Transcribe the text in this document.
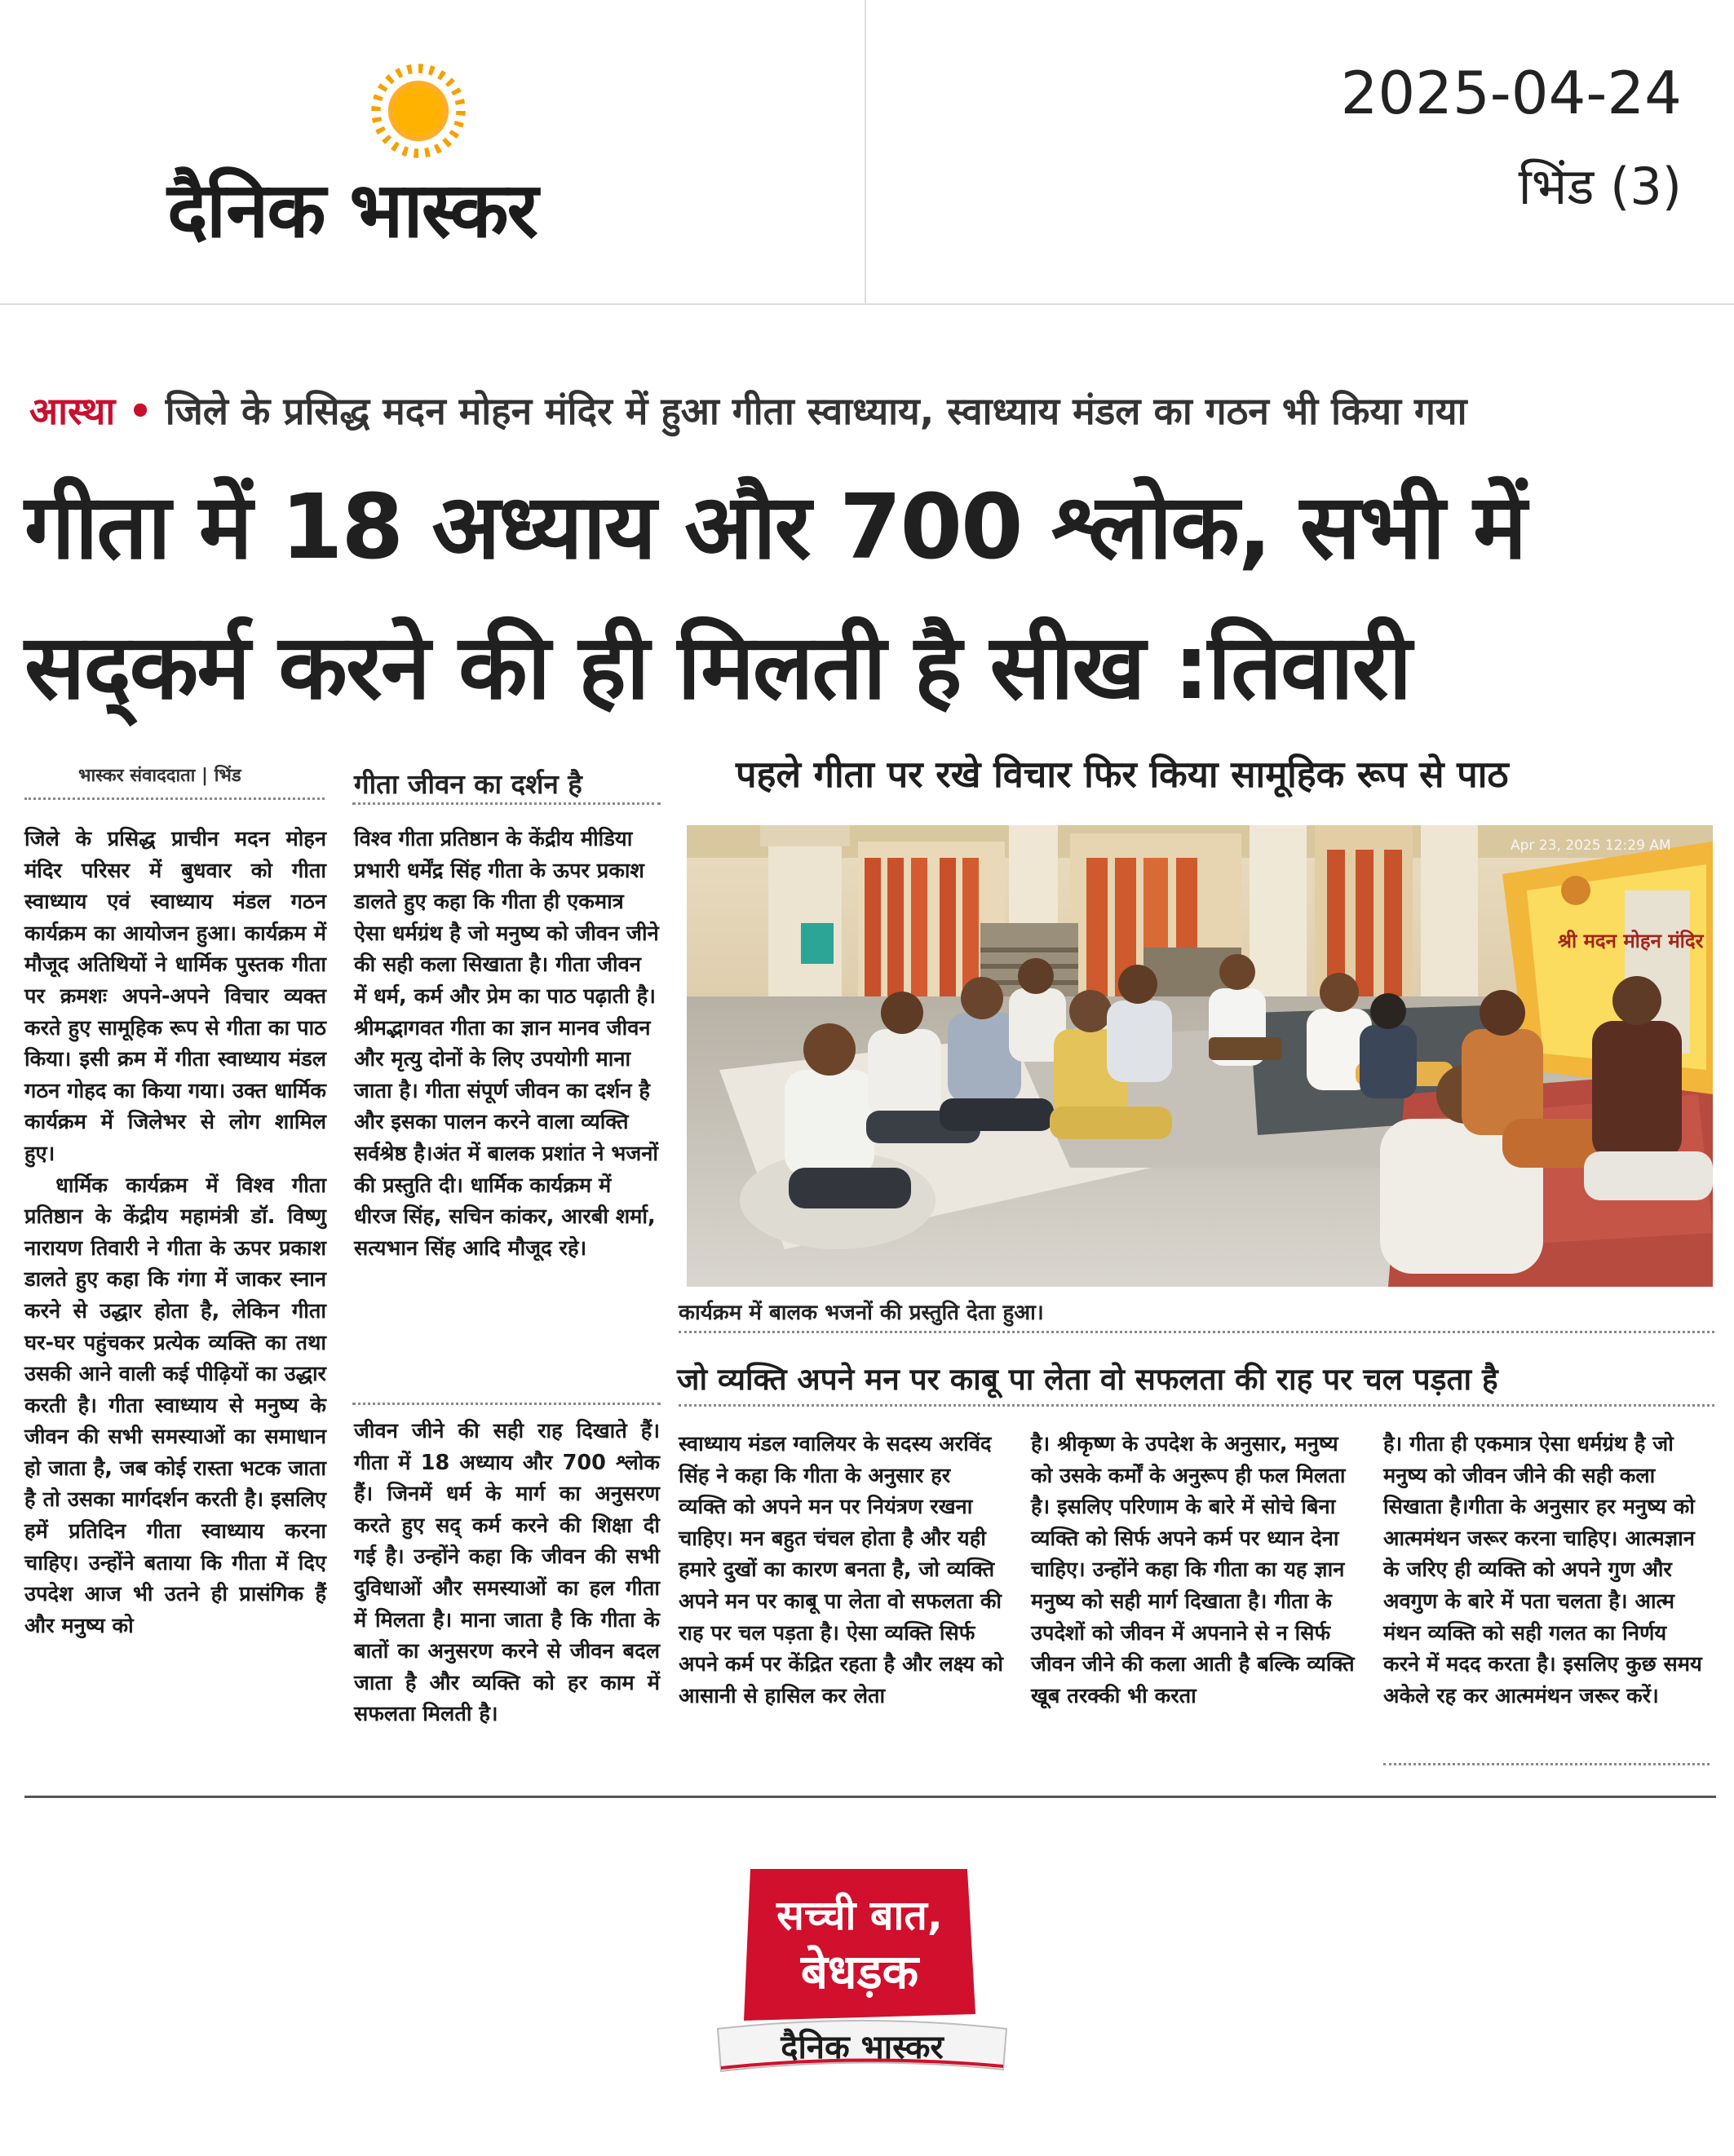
दैनिक भास्कर
2025-04-24
भिंड (3)
आस्था • जिले के प्रसिद्ध मदन मोहन मंदिर में हुआ गीता स्वाध्याय, स्वाध्याय मंडल का गठन भी किया गया
गीता में 18 अध्याय और 700 श्लोक, सभी में
सद्कर्म करने की ही मिलती है सीख :तिवारी
भास्कर संवाददाता | भिंड

जिले के प्रसिद्ध प्राचीन मदन मोहन मंदिर परिसर में बुधवार को गीता स्वाध्याय एवं स्वाध्याय मंडल गठन कार्यक्रम का आयोजन हुआ। कार्यक्रम में मौजूद अतिथियों ने धार्मिक पुस्तक गीता पर क्रमशः अपने-अपने विचार व्यक्त करते हुए सामूहिक रूप से गीता का पाठ किया। इसी क्रम में गीता स्वाध्याय मंडल गठन गोहद का किया गया। उक्त धार्मिक कार्यक्रम में जिलेभर से लोग शामिल हुए।

धार्मिक कार्यक्रम में विश्व गीता प्रतिष्ठान के केंद्रीय महामंत्री डॉ. विष्णु नारायण तिवारी ने गीता के ऊपर प्रकाश डालते हुए कहा कि गंगा में जाकर स्नान करने से उद्धार होता है, लेकिन गीता घर-घर पहुंचकर प्रत्येक व्यक्ति का तथा उसकी आने वाली कई पीढ़ियों का उद्धार करती है। गीता स्वाध्याय से मनुष्य के जीवन की सभी समस्याओं का समाधान हो जाता है, जब कोई रास्ता भटक जाता है तो उसका मार्गदर्शन करती है। इसलिए हमें प्रतिदिन गीता स्वाध्याय करना चाहिए। उन्होंने बताया कि गीता में दिए उपदेश आज भी उतने ही प्रासंगिक हैं और मनुष्य को

गीता जीवन का दर्शन है

विश्व गीता प्रतिष्ठान के केंद्रीय मीडिया प्रभारी धर्मेंद्र सिंह गीता के ऊपर प्रकाश डालते हुए कहा कि गीता ही एकमात्र ऐसा धर्मग्रंथ है जो मनुष्य को जीवन जीने की सही कला सिखाता है। गीता जीवन में धर्म, कर्म और प्रेम का पाठ पढ़ाती है। श्रीमद्भागवत गीता का ज्ञान मानव जीवन और मृत्यु दोनों के लिए उपयोगी माना जाता है। गीता संपूर्ण जीवन का दर्शन है और इसका पालन करने वाला व्यक्ति सर्वश्रेष्ठ है।अंत में बालक प्रशांत ने भजनों की प्रस्तुति दी। धार्मिक कार्यक्रम में धीरज सिंह, सचिन कांकर, आरबी शर्मा, सत्यभान सिंह आदि मौजूद रहे।

जीवन जीने की सही राह दिखाते हैं। गीता में 18 अध्याय और 700 श्लोक हैं। जिनमें धर्म के मार्ग का अनुसरण करते हुए सद् कर्म करने की शिक्षा दी गई है। उन्होंने कहा कि जीवन की सभी दुविधाओं और समस्याओं का हल गीता में मिलता है। माना जाता है कि गीता के बातों का अनुसरण करने से जीवन बदल जाता है और व्यक्ति को हर काम में सफलता मिलती है।

पहले गीता पर रखे विचार फिर किया सामूहिक रूप से पाठ
श्री मदन मोहन मंदिर
Apr 23, 2025 12:29 AM
कार्यक्रम में बालक भजनों की प्रस्तुति देता हुआ।
जो व्यक्ति अपने मन पर काबू पा लेता वो सफलता की राह पर चल पड़ता है

स्वाध्याय मंडल ग्वालियर के सदस्य अरविंद सिंह ने कहा कि गीता के अनुसार हर व्यक्ति को अपने मन पर नियंत्रण रखना चाहिए। मन बहुत चंचल होता है और यही हमारे दुखों का कारण बनता है, जो व्यक्ति अपने मन पर काबू पा लेता वो सफलता की राह पर चल पड़ता है। ऐसा व्यक्ति सिर्फ अपने कर्म पर केंद्रित रहता है और लक्ष्य को आसानी से हासिल कर लेता

है। श्रीकृष्ण के उपदेश के अनुसार, मनुष्य को उसके कर्मों के अनुरूप ही फल मिलता है। इसलिए परिणाम के बारे में सोचे बिना व्यक्ति को सिर्फ अपने कर्म पर ध्यान देना चाहिए। उन्होंने कहा कि गीता का यह ज्ञान मनुष्य को सही मार्ग दिखाता है। गीता के उपदेशों को जीवन में अपनाने से न सिर्फ जीवन जीने की कला आती है बल्कि व्यक्ति खूब तरक्की भी करता

है। गीता ही एकमात्र ऐसा धर्मग्रंथ है जो मनुष्य को जीवन जीने की सही कला सिखाता है।गीता के अनुसार हर मनुष्य को आत्ममंथन जरूर करना चाहिए। आत्मज्ञान के जरिए ही व्यक्ति को अपने गुण और अवगुण के बारे में पता चलता है। आत्म मंथन व्यक्ति को सही गलत का निर्णय करने में मदद करता है। इसलिए कुछ समय अकेले रह कर आत्ममंथन जरूर करें।

सच्ची बात,
बेधड़क
दैनिक भास्कर
